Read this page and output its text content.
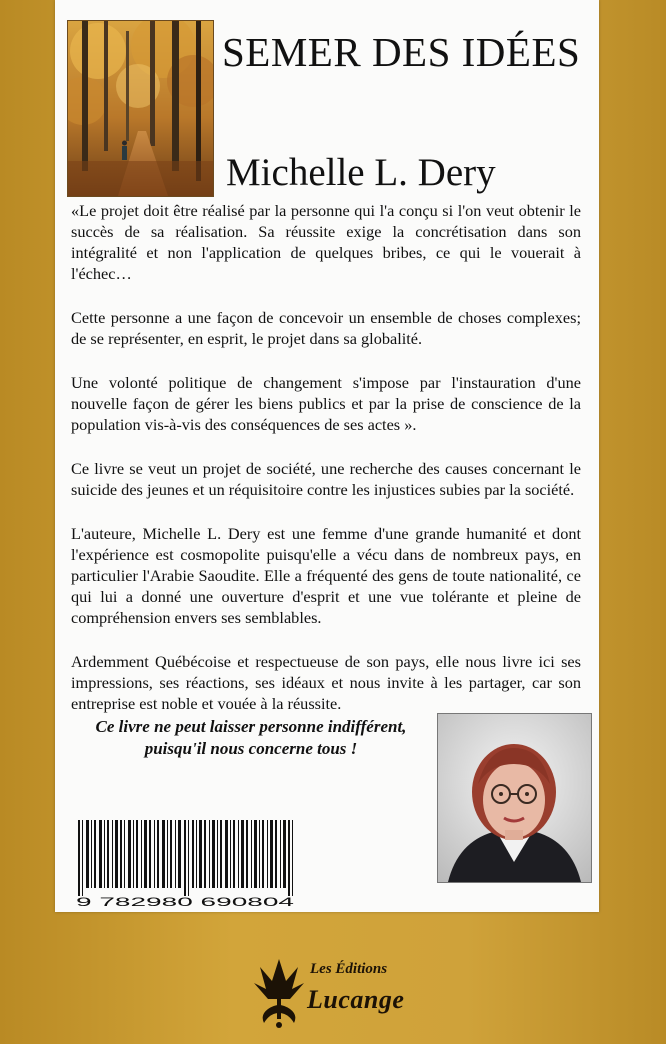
SEMER DES IDÉES
Michelle L. Dery

«Le projet doit être réalisé par la personne qui l'a conçu si l'on veut obtenir le succès de sa réalisation. Sa réussite exige la concrétisation dans son intégralité et non l'application de quelques bribes, ce qui le vouerait à l'échec…

Cette personne a une façon de concevoir un ensemble de choses complexes; de se représenter, en esprit, le projet dans sa globalité.

Une volonté politique de changement s'impose par l'instauration d'une nouvelle façon de gérer les biens publics et par la prise de conscience de la population vis-à-vis des conséquences de ses actes ».

Ce livre se veut un projet de société, une recherche des causes concernant le suicide des jeunes et un réquisitoire contre les injustices subies par la société.

L'auteure, Michelle L. Dery est une femme d'une grande humanité et dont l'expérience est cosmopolite puisqu'elle a vécu dans de nombreux pays, en particulier l'Arabie Saoudite. Elle a fréquenté des gens de toute nationalité, ce qui lui a donné une ouverture d'esprit et une vue tolérante et pleine de compréhension envers ses semblables.

Ardemment Québécoise et respectueuse de son pays, elle nous livre ici ses impressions, ses réactions, ses idéaux et nous invite à les partager, car son entreprise est noble et vouée à la réussite.

Ce livre ne peut laisser personne indifférent,
puisqu'il nous concerne tous !
9 782980 690804
Les Éditions
Lucange
